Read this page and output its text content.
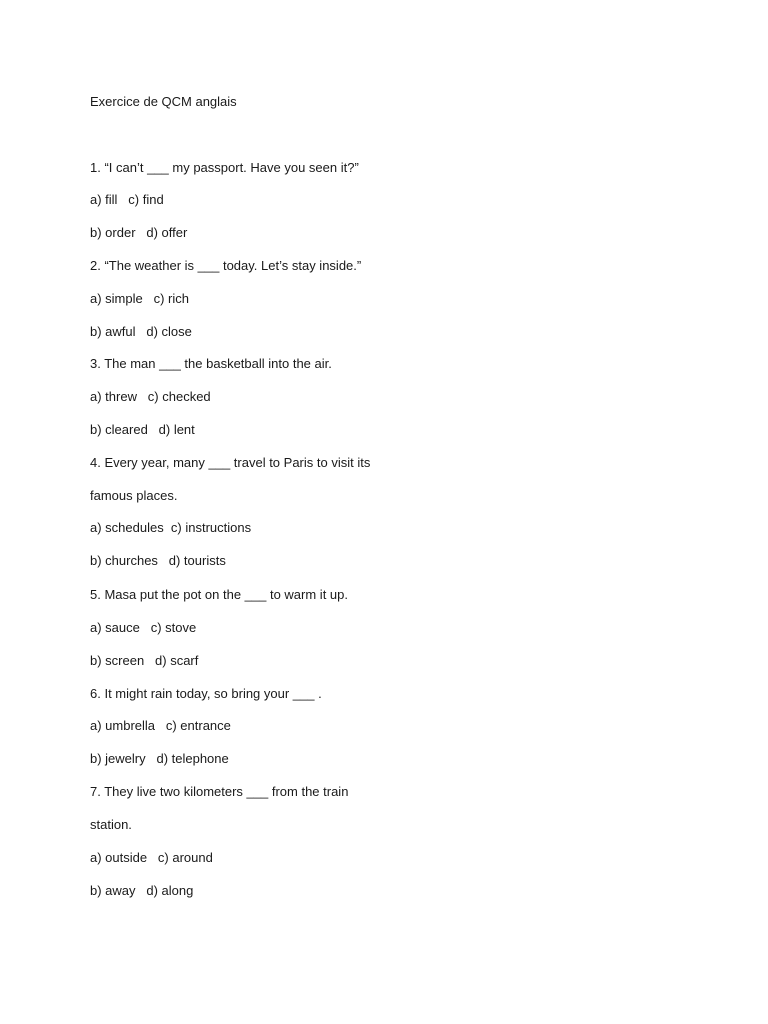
Exercice de QCM anglais
1. “I can’t ___ my passport. Have you seen it?”
a) fill   c) find
b) order   d) offer
2. “The weather is ___ today. Let’s stay inside.”
a) simple   c) rich
b) awful   d) close
3. The man ___ the basketball into the air.
a) threw   c) checked
b) cleared   d) lent
4. Every year, many ___ travel to Paris to visit its
famous places.
a) schedules  c) instructions
b) churches   d) tourists
5. Masa put the pot on the ___ to warm it up.
a) sauce   c) stove
b) screen   d) scarf
6. It might rain today, so bring your ___ .
a) umbrella   c) entrance
b) jewelry   d) telephone
7. They live two kilometers ___ from the train
station.
a) outside   c) around
b) away   d) along
